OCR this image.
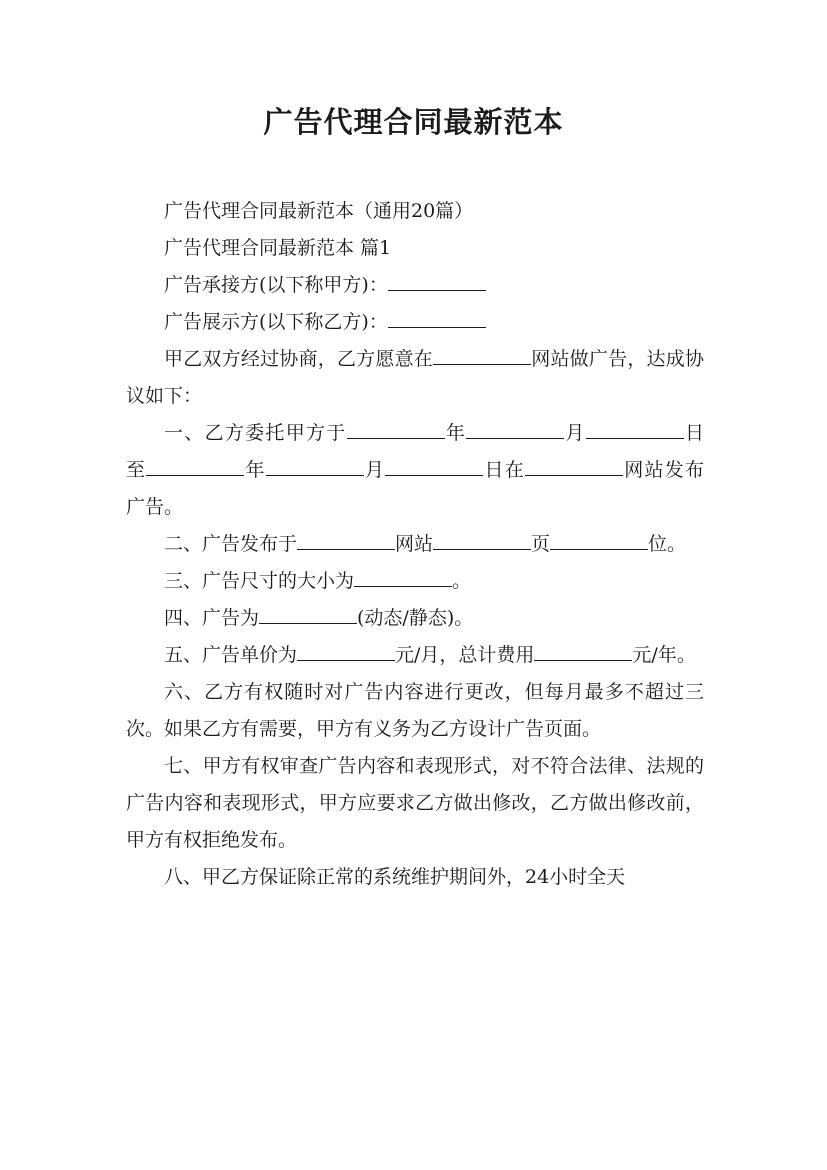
广告代理合同最新范本

广告代理合同最新范本（通用20篇）

广告代理合同最新范本 篇1

广告承接方(以下称甲方)：

广告展示方(以下称乙方)：

甲乙双方经过协商，乙方愿意在	网站做广告，达成协议如下：

一、乙方委托甲方于	年	月	日至	年	月	日在	网站发布广告。

二、广告发布于	网站	页	位。

三、广告尺寸的大小为	。

四、广告为	(动态/静态)。

五、广告单价为	元/月，总计费用	元/年。

六、乙方有权随时对广告内容进行更改，但每月最多不超过三次。如果乙方有需要，甲方有义务为乙方设计广告页面。

七、甲方有权审查广告内容和表现形式，对不符合法律、法规的广告内容和表现形式，甲方应要求乙方做出修改，乙方做出修改前，甲方有权拒绝发布。

八、甲乙方保证除正常的系统维护期间外，24小时全天
